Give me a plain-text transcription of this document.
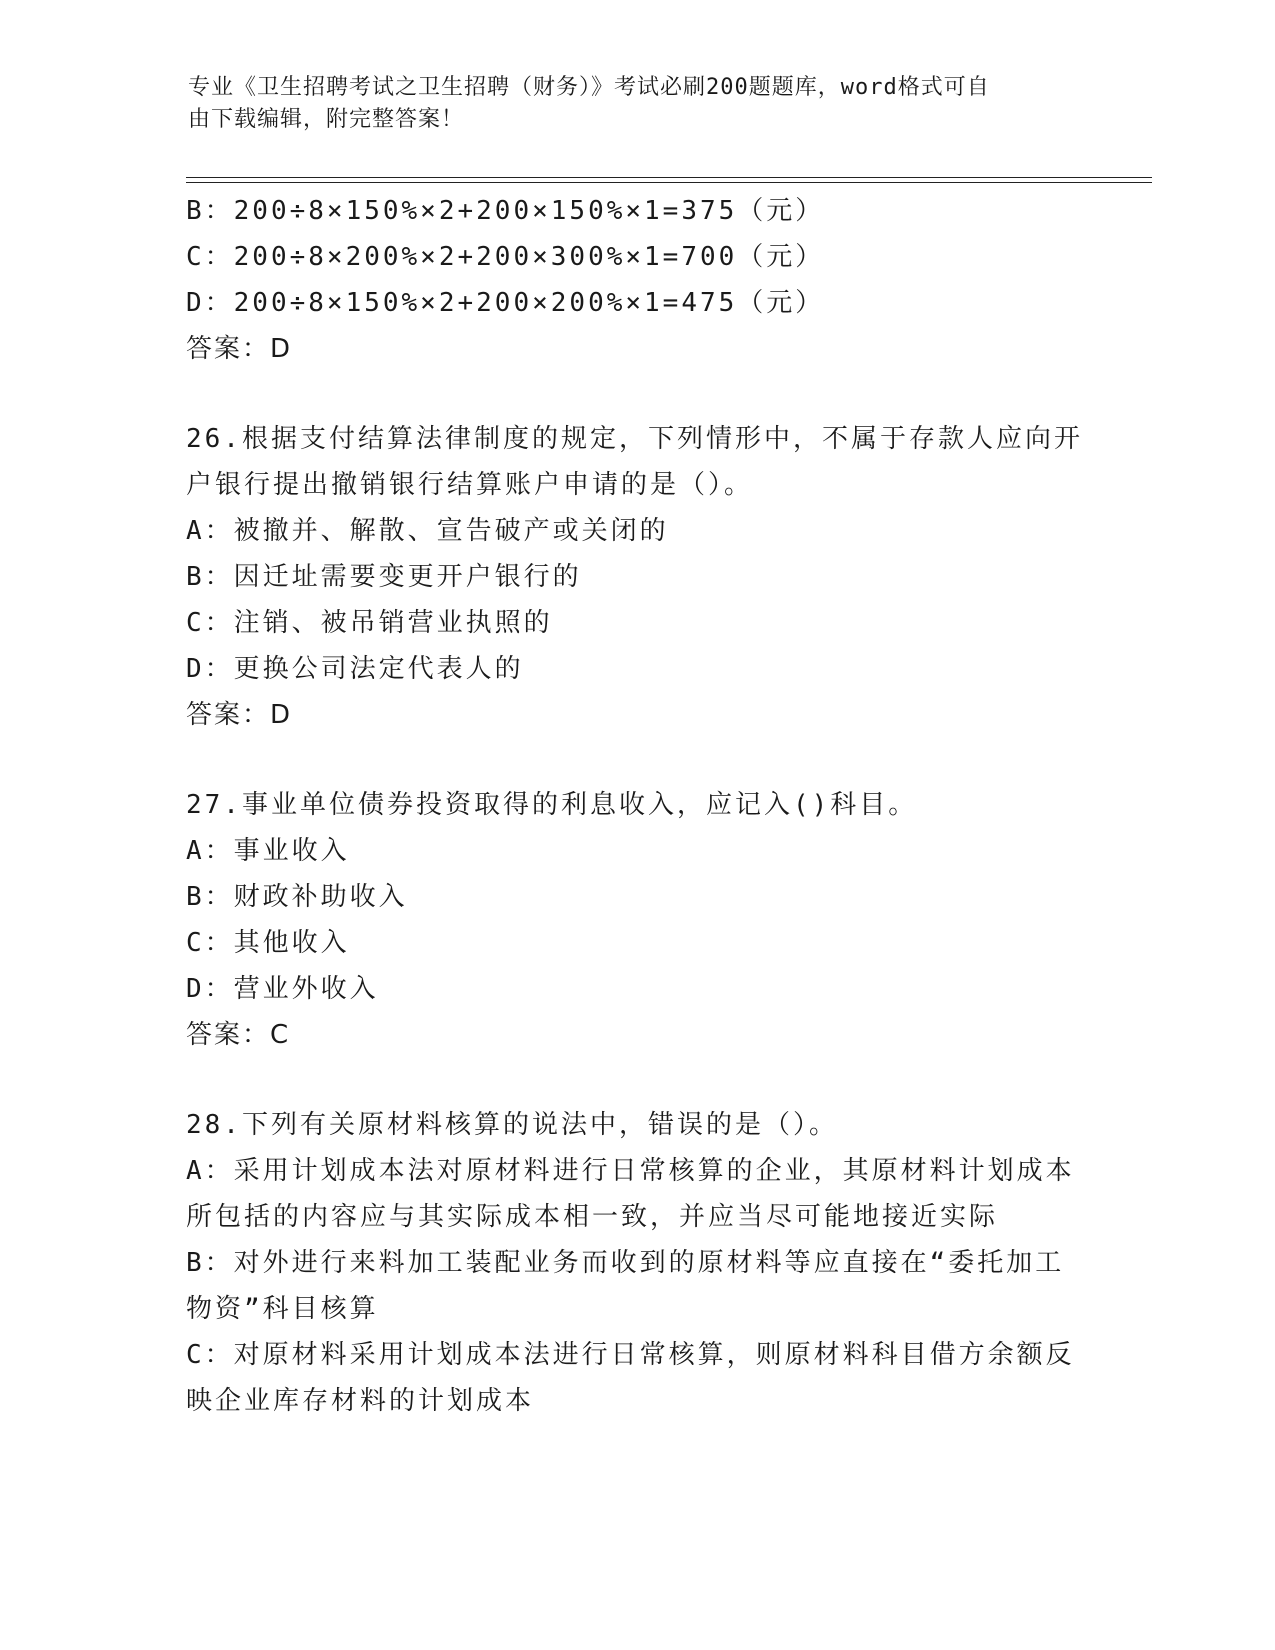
专业《卫生招聘考试之卫生招聘（财务）》考试必刷200题题库，word格式可自
由下载编辑，附完整答案！
B：200÷8×150%×2+200×150%×1=375（元）
C：200÷8×200%×2+200×300%×1=700（元）
D：200÷8×150%×2+200×200%×1=475（元）
答案：D
26.根据支付结算法律制度的规定，下列情形中，不属于存款人应向开
户银行提出撤销银行结算账户申请的是（）。
A：被撤并、解散、宣告破产或关闭的
B：因迁址需要变更开户银行的
C：注销、被吊销营业执照的
D：更换公司法定代表人的
答案：D
27.事业单位债券投资取得的利息收入，应记入()科目。
A：事业收入
B：财政补助收入
C：其他收入
D：营业外收入
答案：C
28.下列有关原材料核算的说法中，错误的是（）。
A：采用计划成本法对原材料进行日常核算的企业，其原材料计划成本
所包括的内容应与其实际成本相一致，并应当尽可能地接近实际
B：对外进行来料加工装配业务而收到的原材料等应直接在“委托加工
物资”科目核算
C：对原材料采用计划成本法进行日常核算，则原材料科目借方余额反
映企业库存材料的计划成本
